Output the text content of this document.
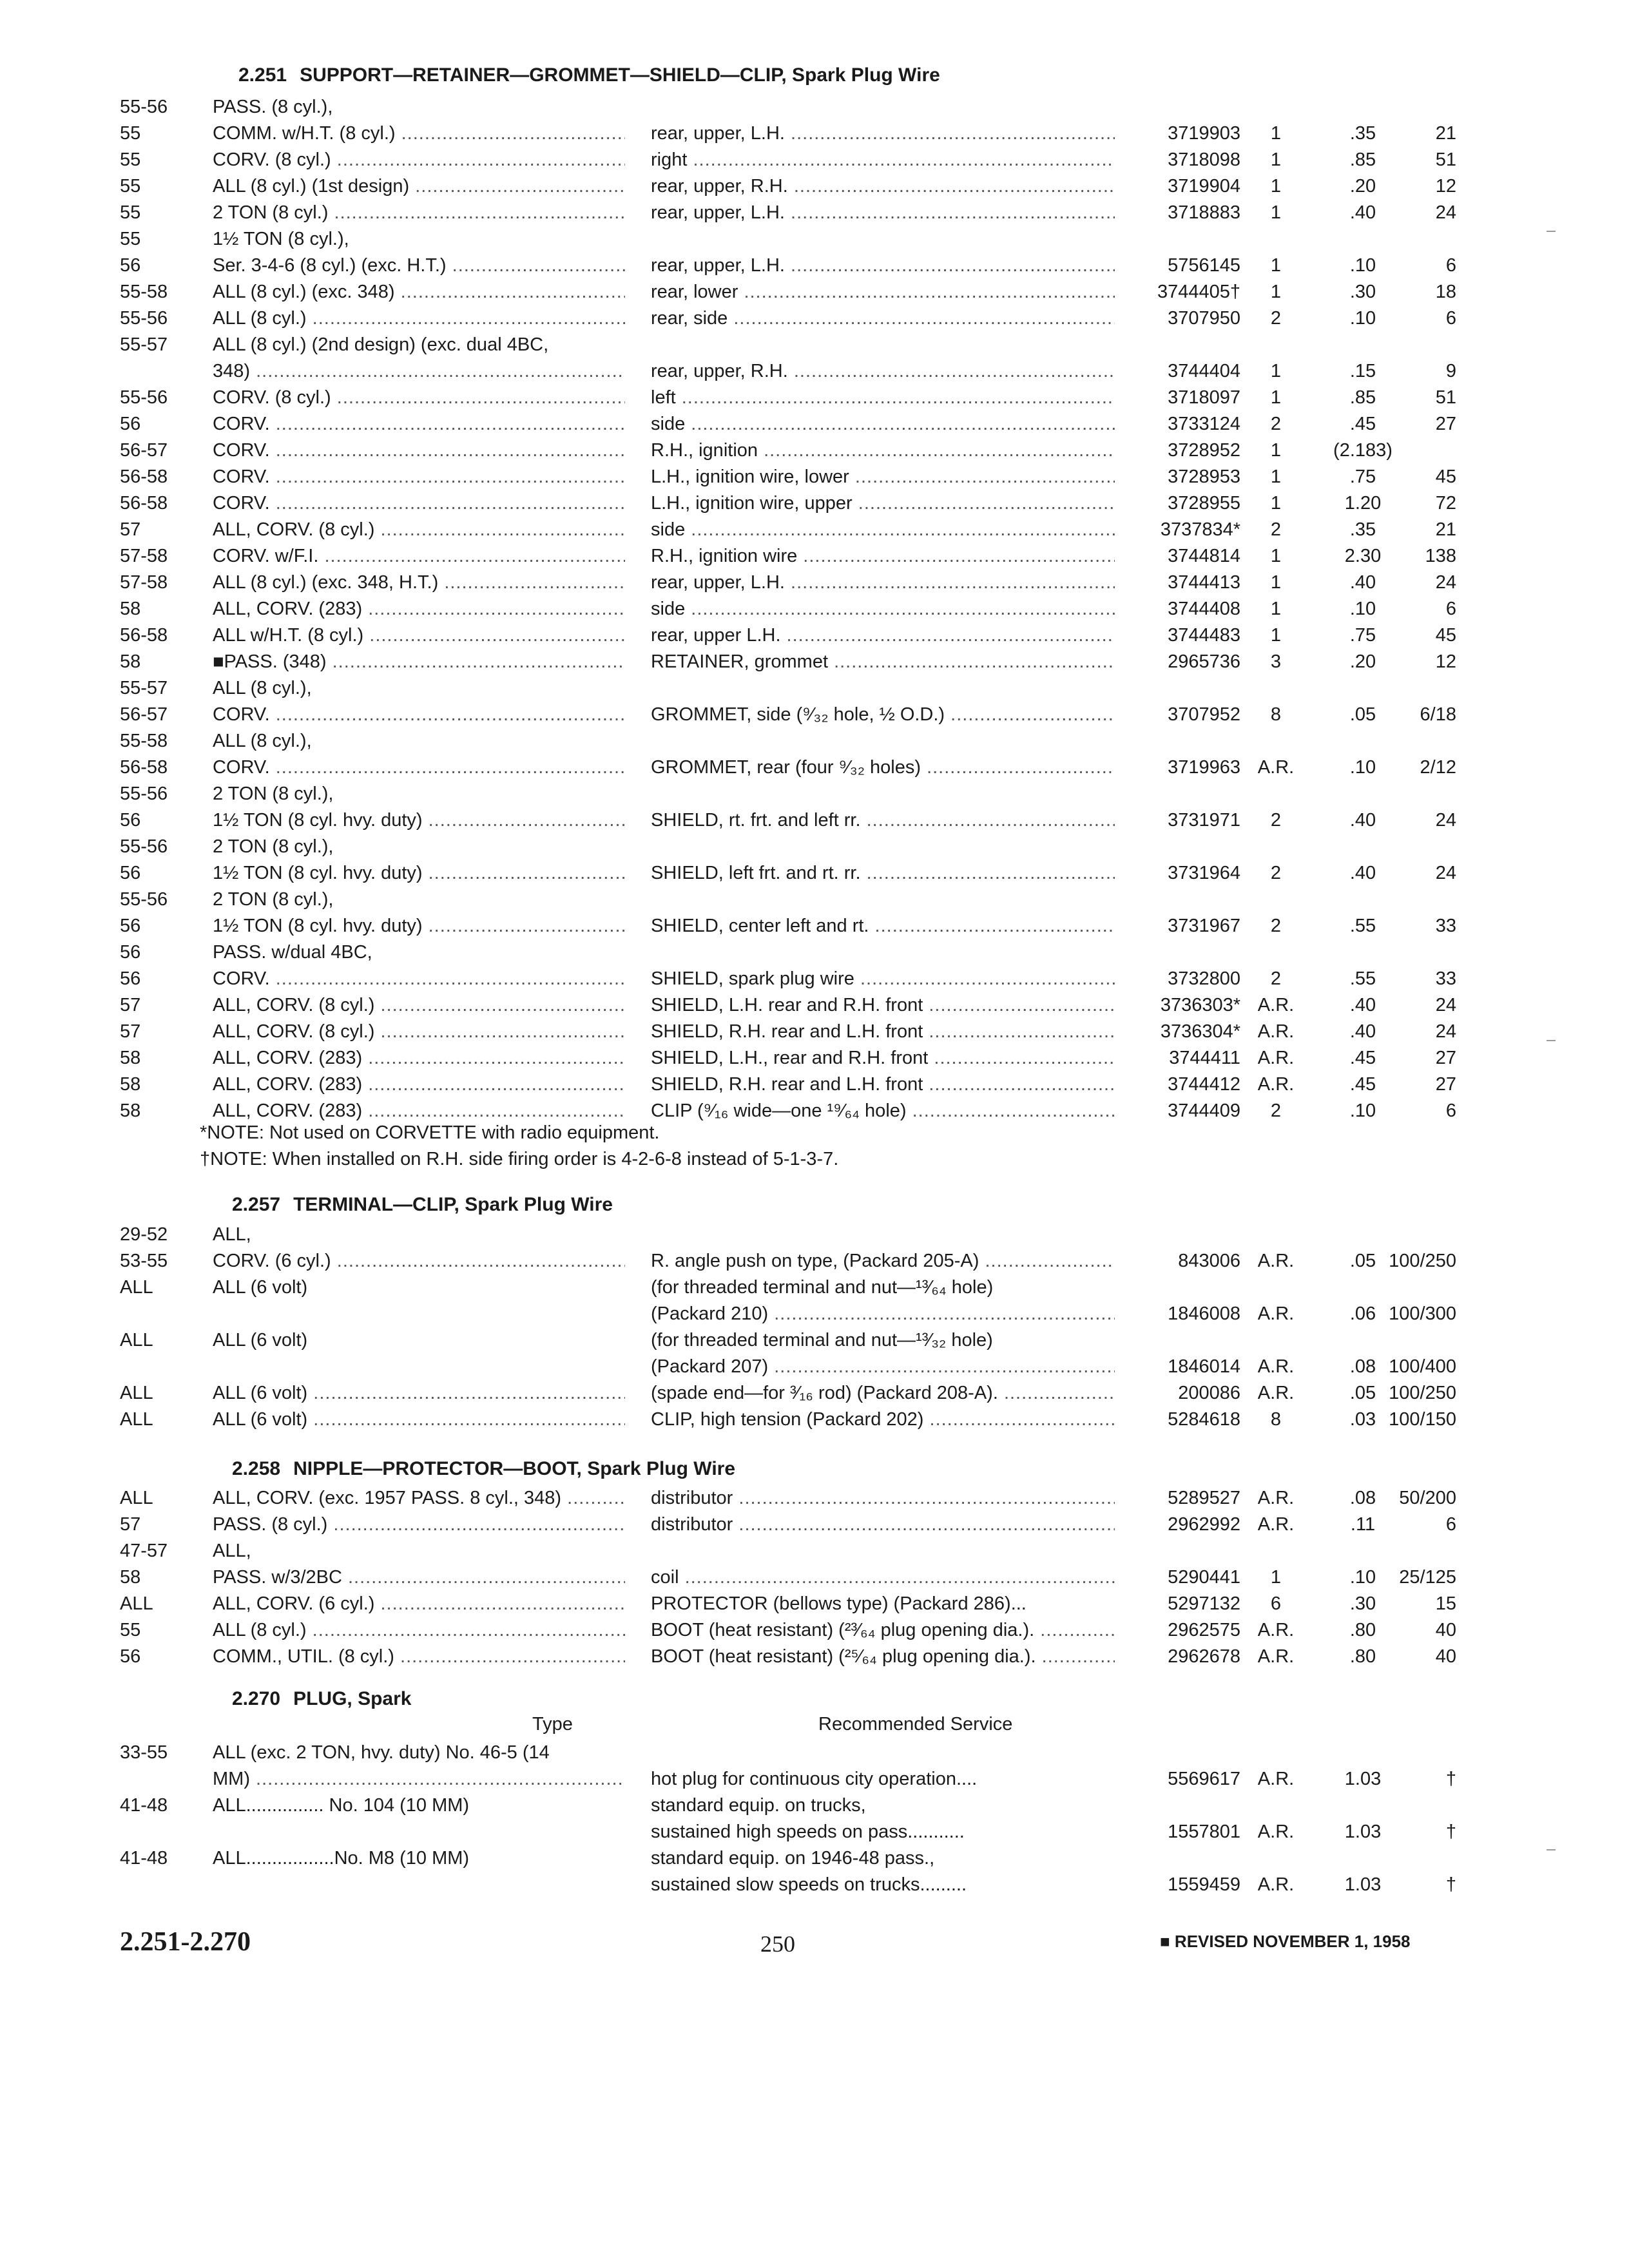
2.251 SUPPORT—RETAINER—GROMMET—SHIELD—CLIP, Spark Plug Wire
55-56 PASS. (8 cyl.),
55	COMM. w/H.T. (8 cyl.) .....	rear, upper, L.H. .....	3719903	1	.35	21
55	CORV. (8 cyl.) .....	right .....	3718098	1	.85	51
55	ALL (8 cyl.) (1st design) .....	rear, upper, R.H. .....	3719904	1	.20	12
55	2 TON (8 cyl.) .....	rear, upper, L.H. .....	3718883	1	.40	24
55	1½ TON (8 cyl.),
56	Ser. 3-4-6 (8 cyl.) (exc. H.T.) .....	rear, upper, L.H. .....	5756145	1	.10	6
55-58 ALL (8 cyl.) (exc. 348) .....	rear, lower .....	3744405†	1	.30	18
55-56 ALL (8 cyl.) .....	rear, side .....	3707950	2	.10	6
55-57 ALL (8 cyl.) (2nd design) (exc. dual 4BC,
348) .....	rear, upper, R.H. .....	3744404	1	.15	9
55-56 CORV. (8 cyl.) .....	left .....	3718097	1	.85	51
56	CORV. .....	side .....	3733124	2	.45	27
56-57 CORV. .....	R.H., ignition .....	3728952	1	(2.183)
56-58 CORV. .....	L.H., ignition wire, lower .....	3728953	1	.75	45
56-58 CORV. .....	L.H., ignition wire, upper .....	3728955	1	1.20	72
57	ALL, CORV. (8 cyl.) .....	side .....	3737834*	2	.35	21
57-58 CORV. w/F.I. .....	R.H., ignition wire .....	3744814	1	2.30	138
57-58 ALL (8 cyl.) (exc. 348, H.T.) .....	rear, upper, L.H. .....	3744413	1	.40	24
58	ALL, CORV. (283) .....	side .....	3744408	1	.10	6
56-58 ALL w/H.T. (8 cyl.) .....	rear, upper L.H. .....	3744483	1	.75	45
58	■PASS. (348) .....	RETAINER, grommet .....	2965736	3	.20	12
55-57 ALL (8 cyl.),
56-57 CORV. .....	GROMMET, side (⁹⁄₃₂ hole, ½ O.D.) .....	3707952	8	.05	6/18
55-58 ALL (8 cyl.),
56-58 CORV. .....	GROMMET, rear (four ⁹⁄₃₂ holes) .....	3719963 A.R.	.10	2/12
55-56 2 TON (8 cyl.),
56	1½ TON (8 cyl. hvy. duty) .....	SHIELD, rt. frt. and left rr. .....	3731971	2	.40	24
55-56 2 TON (8 cyl.),
56	1½ TON (8 cyl. hvy. duty) .....	SHIELD, left frt. and rt. rr. .....	3731964	2	.40	24
55-56 2 TON (8 cyl.),
56	1½ TON (8 cyl. hvy. duty) .....	SHIELD, center left and rt. .....	3731967	2	.55	33
56	PASS. w/dual 4BC,
56	CORV. .....	SHIELD, spark plug wire .....	3732800	2	.55	33
57	ALL, CORV. (8 cyl.) .....	SHIELD, L.H. rear and R.H. front .....	3736303* A.R.	.40	24
57	ALL, CORV. (8 cyl.) .....	SHIELD, R.H. rear and L.H. front .....	3736304* A.R.	.40	24
58	ALL, CORV. (283) .....	SHIELD, L.H., rear and R.H. front .....	3744411 A.R.	.45	27
58	ALL, CORV. (283) .....	SHIELD, R.H. rear and L.H. front .....	3744412 A.R.	.45	27
58	ALL, CORV. (283) .....	CLIP (⁹⁄₁₆ wide—one ¹⁹⁄₆₄ hole) .....	3744409	2	.10	6
*NOTE: Not used on CORVETTE with radio equipment.
†NOTE: When installed on R.H. side firing order is 4-2-6-8 instead of 5-1-3-7.
2.257 TERMINAL—CLIP, Spark Plug Wire
29-52 ALL,
53-55 CORV. (6 cyl.) .....	R. angle push on type, (Packard 205-A) .....	843006 A.R.	.05 100/250
ALL	ALL (6 volt)	(for threaded terminal and nut—¹³⁄₆₄ hole)
(Packard 210) .....	1846008 A.R.	.06 100/300
ALL	ALL (6 volt)	(for threaded terminal and nut—¹³⁄₃₂ hole)
(Packard 207) .....	1846014 A.R.	.08 100/400
ALL	ALL (6 volt) .....	(spade end—for ³⁄₁₆ rod) (Packard 208-A). .....	200086 A.R.	.05 100/250
ALL	ALL (6 volt) .....	CLIP, high tension (Packard 202) .....	5284618	8	.03 100/150
2.258 NIPPLE—PROTECTOR—BOOT, Spark Plug Wire
ALL	ALL, CORV. (exc. 1957 PASS. 8 cyl., 348) .....	distributor .....	5289527 A.R.	.08	50/200
57	PASS. (8 cyl.) .....	distributor .....	2962992 A.R.	.11	6
47-57 ALL,
58	PASS. w/3/2BC .....	coil .....	5290441	1	.10	25/125
ALL	ALL, CORV. (6 cyl.) .....	PROTECTOR (bellows type) (Packard 286)...	5297132	6	.30	15
55	ALL (8 cyl.) .....	BOOT (heat resistant) (²³⁄₆₄ plug opening dia.). .....	2962575 A.R.	.80	40
56	COMM., UTIL. (8 cyl.) .....	BOOT (heat resistant) (²⁵⁄₆₄ plug opening dia.). .....	2962678 A.R.	.80	40
2.270 PLUG, Spark
Type	Recommended Service
33-55 ALL (exc. 2 TON, hvy. duty) No. 46-5 (14
MM) .....	hot plug for continuous city operation....	5569617 A.R.	1.03	†
41-48 ALL............... No. 104 (10 MM)	standard equip. on trucks,
sustained high speeds on pass...........	1557801 A.R.	1.03	†
41-48 ALL.................No. M8 (10 MM)	standard equip. on 1946-48 pass.,
sustained slow speeds on trucks.........	1559459 A.R.	1.03	†
2.251-2.270	250	■ REVISED NOVEMBER 1, 1958
